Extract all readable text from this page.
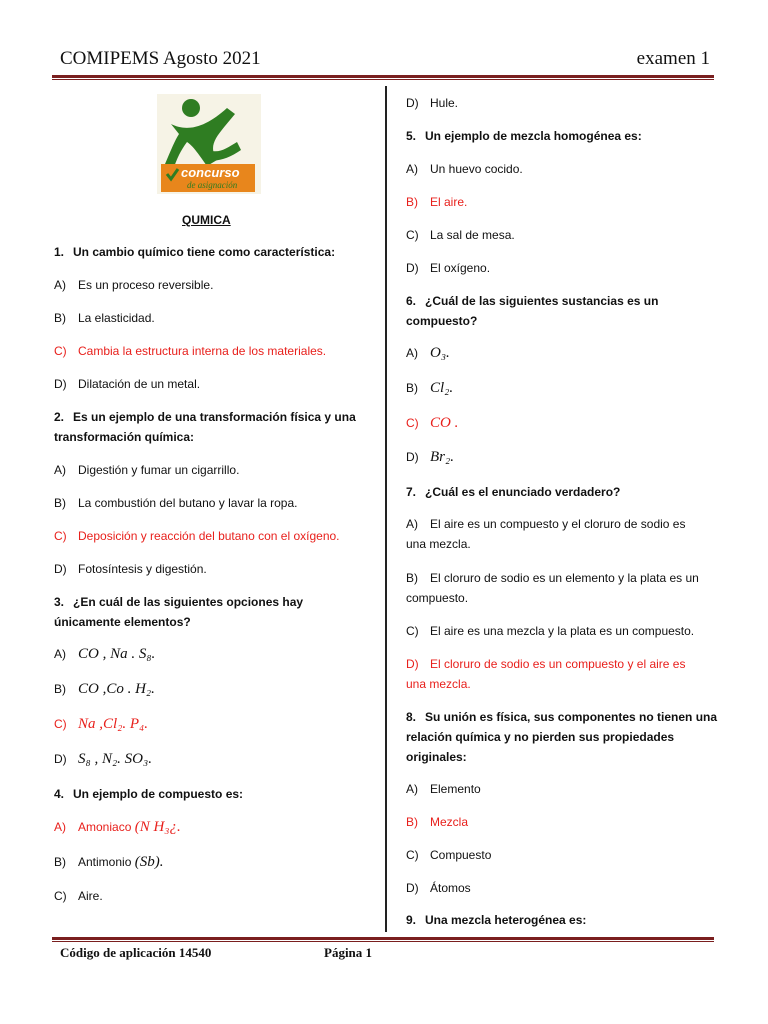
COMIPEMS Agosto 2021	examen 1
concurso
de asignación
QUMICA
1. Un cambio químico tiene como característica:
A) Es un proceso reversible.
B) La elasticidad.
C) Cambia la estructura interna de los materiales.
D) Dilatación de un metal.
2. Es un ejemplo de una transformación física y una
transformación química:
A) Digestión y fumar un cigarrillo.
B) La combustión del butano y lavar la ropa.
C) Deposición y reacción del butano con el oxígeno.
D) Fotosíntesis y digestión.
3. ¿En cuál de las siguientes opciones hay
únicamente elementos?
A) CO , Na . S₈.
B) CO ,Co . H₂.
C) Na ,Cl₂. P₄.
D) S₈ , N₂. SO₃.
4. Un ejemplo de compuesto es:
A) Amoniaco (N H₃¿.
B) Antimonio (Sb).
C) Aire.
D) Hule.
5. Un ejemplo de mezcla homogénea es:
A) Un huevo cocido.
B) El aire.
C) La sal de mesa.
D) El oxígeno.
6. ¿Cuál de las siguientes sustancias es un
compuesto?
A) O₃.
B) Cl₂.
C) CO .
D) Br₂.
7. ¿Cuál es el enunciado verdadero?
A) El aire es un compuesto y el cloruro de sodio es
una mezcla.
B) El cloruro de sodio es un elemento y la plata es un
compuesto.
C) El aire es una mezcla y la plata es un compuesto.
D) El cloruro de sodio es un compuesto y el aire es
una mezcla.
8. Su unión es física, sus componentes no tienen una
relación química y no pierden sus propiedades
originales:
A) Elemento
B) Mezcla
C) Compuesto
D) Átomos
9. Una mezcla heterogénea es:
Código de aplicación 14540	Página 1
